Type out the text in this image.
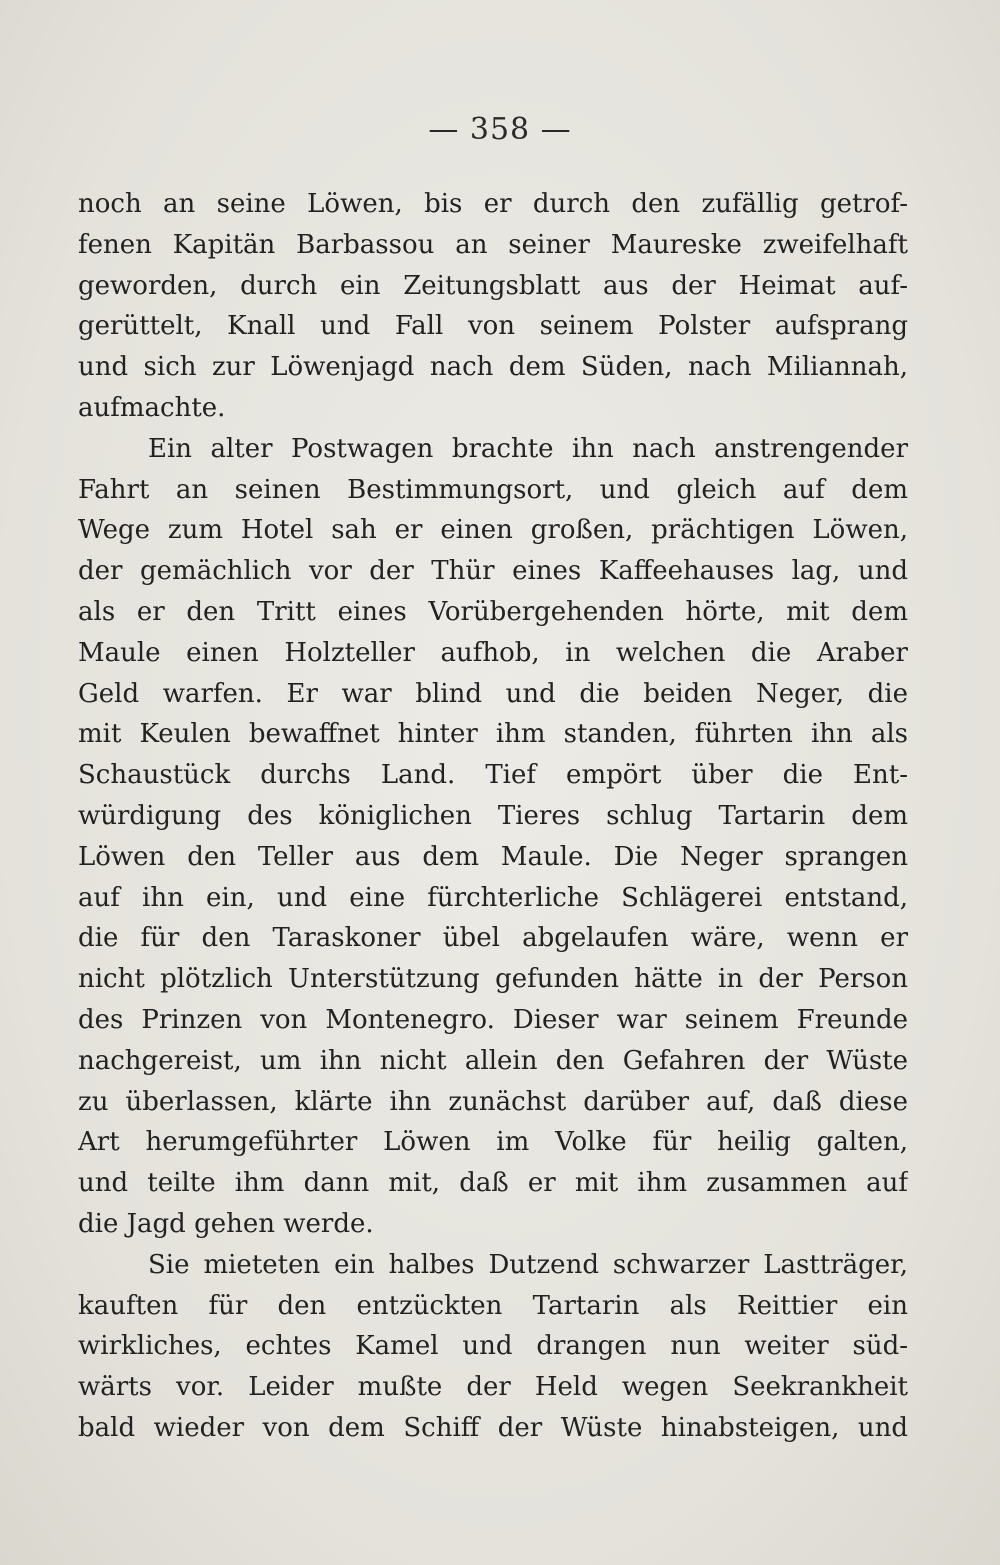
— 358 —
noch an seine Löwen, bis er durch den zufällig getrof-
fenen Kapitän Barbassou an seiner Maureske zweifelhaft
geworden, durch ein Zeitungsblatt aus der Heimat auf-
gerüttelt, Knall und Fall von seinem Polster aufsprang
und sich zur Löwenjagd nach dem Süden, nach Miliannah,
aufmachte.
Ein alter Postwagen brachte ihn nach anstrengender
Fahrt an seinen Bestimmungsort, und gleich auf dem
Wege zum Hotel sah er einen großen, prächtigen Löwen,
der gemächlich vor der Thür eines Kaffeehauses lag, und
als er den Tritt eines Vorübergehenden hörte, mit dem
Maule einen Holzteller aufhob, in welchen die Araber
Geld warfen. Er war blind und die beiden Neger, die
mit Keulen bewaffnet hinter ihm standen, führten ihn als
Schaustück durchs Land. Tief empört über die Ent-
würdigung des königlichen Tieres schlug Tartarin dem
Löwen den Teller aus dem Maule. Die Neger sprangen
auf ihn ein, und eine fürchterliche Schlägerei entstand,
die für den Taraskoner übel abgelaufen wäre, wenn er
nicht plötzlich Unterstützung gefunden hätte in der Person
des Prinzen von Montenegro. Dieser war seinem Freunde
nachgereist, um ihn nicht allein den Gefahren der Wüste
zu überlassen, klärte ihn zunächst darüber auf, daß diese
Art herumgeführter Löwen im Volke für heilig galten,
und teilte ihm dann mit, daß er mit ihm zusammen auf
die Jagd gehen werde.
Sie mieteten ein halbes Dutzend schwarzer Lastträger,
kauften für den entzückten Tartarin als Reittier ein
wirkliches, echtes Kamel und drangen nun weiter süd-
wärts vor. Leider mußte der Held wegen Seekrankheit
bald wieder von dem Schiff der Wüste hinabsteigen, und
